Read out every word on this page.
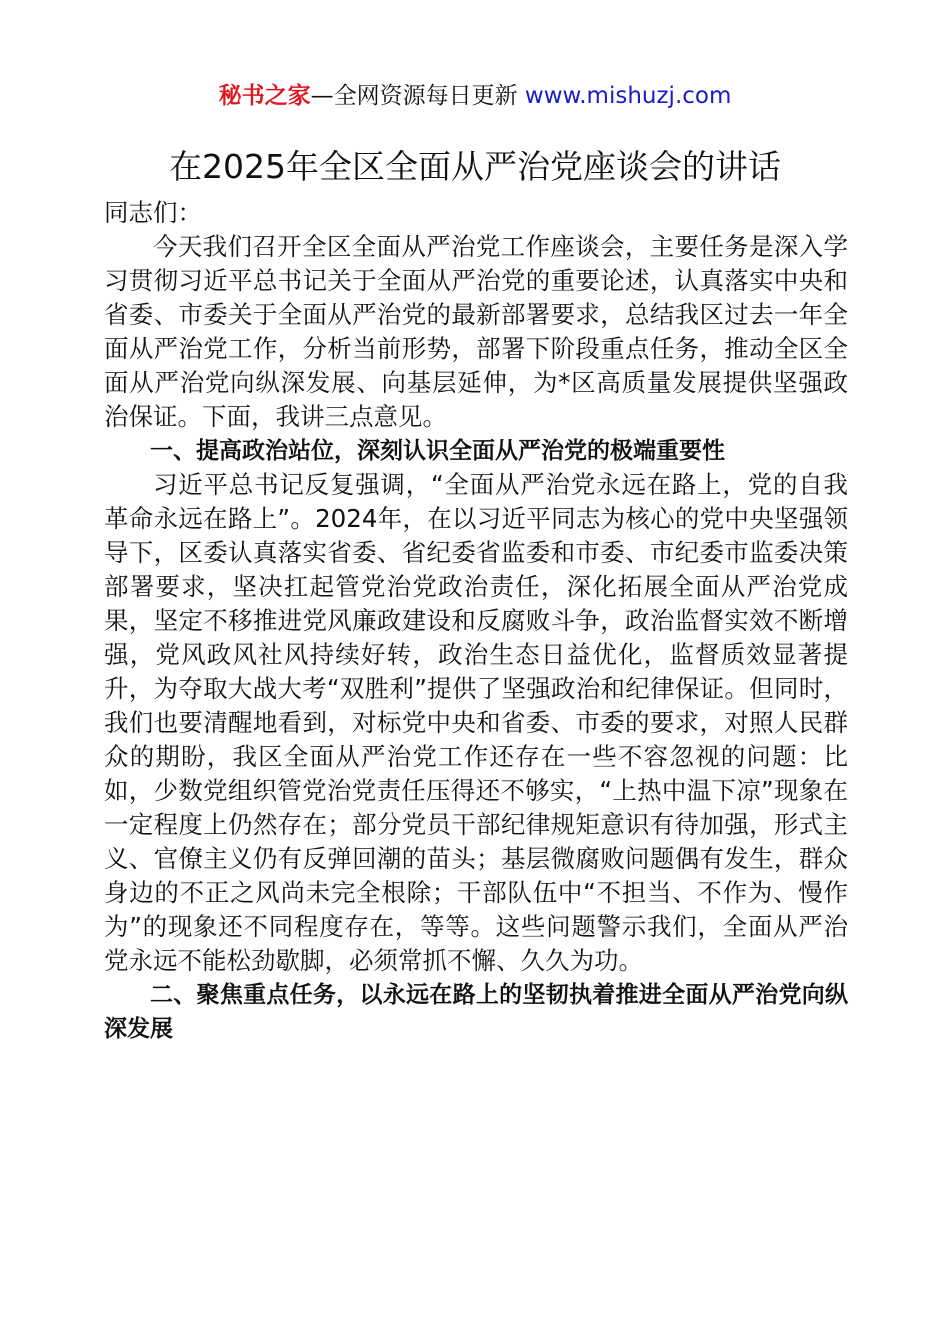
秘书之家—全网资源每日更新 www.mishuzj.com
在2025年全区全面从严治党座谈会的讲话

同志们：

今天我们召开全区全面从严治党工作座谈会，主要任务是深入学习贯彻习近平总书记关于全面从严治党的重要论述，认真落实中央和省委、市委关于全面从严治党的最新部署要求，总结我区过去一年全面从严治党工作，分析当前形势，部署下阶段重点任务，推动全区全面从严治党向纵深发展、向基层延伸，为*区高质量发展提供坚强政治保证。下面，我讲三点意见。

一、提高政治站位，深刻认识全面从严治党的极端重要性

习近平总书记反复强调，“全面从严治党永远在路上，党的自我革命永远在路上”。2024年，在以习近平同志为核心的党中央坚强领导下，区委认真落实省委、省纪委省监委和市委、市纪委市监委决策部署要求，坚决扛起管党治党政治责任，深化拓展全面从严治党成果，坚定不移推进党风廉政建设和反腐败斗争，政治监督实效不断增强，党风政风社风持续好转，政治生态日益优化，监督质效显著提升，为夺取大战大考“双胜利”提供了坚强政治和纪律保证。但同时，我们也要清醒地看到，对标党中央和省委、市委的要求，对照人民群众的期盼，我区全面从严治党工作还存在一些不容忽视的问题：比如，少数党组织管党治党责任压得还不够实，“上热中温下凉”现象在一定程度上仍然存在；部分党员干部纪律规矩意识有待加强，形式主义、官僚主义仍有反弹回潮的苗头；基层微腐败问题偶有发生，群众身边的不正之风尚未完全根除；干部队伍中“不担当、不作为、慢作为”的现象还不同程度存在，等等。这些问题警示我们，全面从严治党永远不能松劲歇脚，必须常抓不懈、久久为功。

二、聚焦重点任务，以永远在路上的坚韧执着推进全面从严治党向纵深发展
